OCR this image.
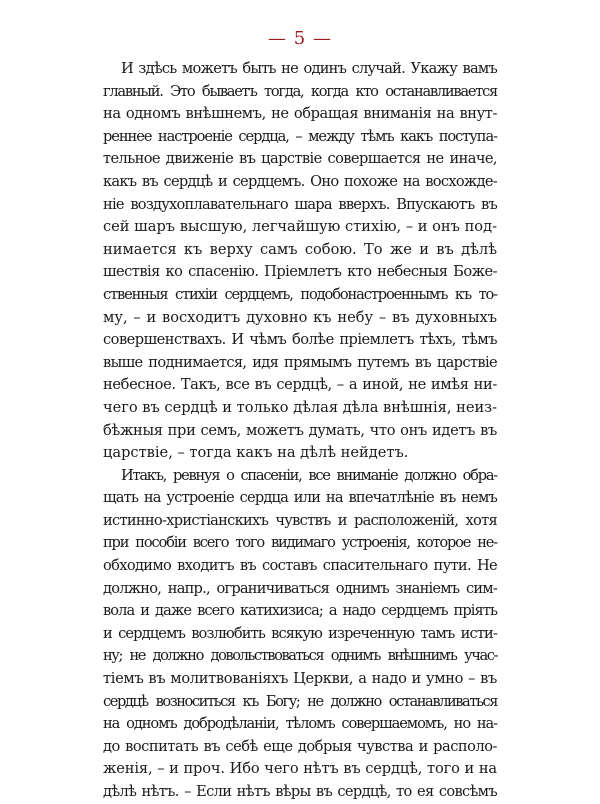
— 5 —
И здѣсь можетъ быть не одинъ случай. Укажу вамъ
главный. Это бываетъ тогда, когда кто останавливается
на одномъ внѣшнемъ, не обращая вниманія на внут-
реннее настроеніе сердца, – между тѣмъ какъ поступа-
тельное движеніе въ царствіе совершается не иначе,
какъ въ сердцѣ и сердцемъ. Оно похоже на восхожде-
ніе воздухоплавательнаго шара вверхъ. Впускаютъ въ
сей шаръ высшую, легчайшую стихію, – и онъ под-
нимается къ верху самъ собою. То же и въ дѣлѣ
шествія ко спасенію. Пріемлетъ кто небесныя Боже-
ственныя стихіи сердцемъ, подобонастроеннымъ къ то-
му, – и восходитъ духовно къ небу – въ духовныхъ
совершенствахъ. И чѣмъ болѣе пріемлетъ тѣхъ, тѣмъ
выше поднимается, идя прямымъ путемъ въ царствіе
небесное. Такъ, все въ сердцѣ, – а иной, не имѣя ни-
чего въ сердцѣ и только дѣлая дѣла внѣшнія, неиз-
бѣжныя при семъ, можетъ думать, что онъ идетъ въ
царствіе, – тогда какъ на дѣлѣ нейдетъ.
Итакъ, ревнуя о спасеніи, все вниманіе должно обра-
щать на устроеніе сердца или на впечатлѣніе въ немъ
истинно-христіанскихъ чувствъ и расположеній, хотя
при пособіи всего того видимаго устроенія, которое не-
обходимо входитъ въ составъ спасительнаго пути. Не
должно, напр., ограничиваться однимъ знаніемъ сим-
вола и даже всего катихизиса; а надо сердцемъ пріять
и сердцемъ возлюбить всякую изреченную тамъ исти-
ну; не должно довольствоваться однимъ внѣшнимъ учас-
тіемъ въ молитвованіяхъ Церкви, а надо и умно – въ
сердцѣ возноситься къ Богу; не должно останавливаться
на одномъ добродѣланіи, тѣломъ совершаемомъ, но на-
до воспитать въ себѣ еще добрыя чувства и располо-
женія, – и проч. Ибо чего нѣтъ въ сердцѣ, того и на
дѣлѣ нѣтъ. – Если нѣтъ вѣры въ сердцѣ, то ея совсѣмъ
